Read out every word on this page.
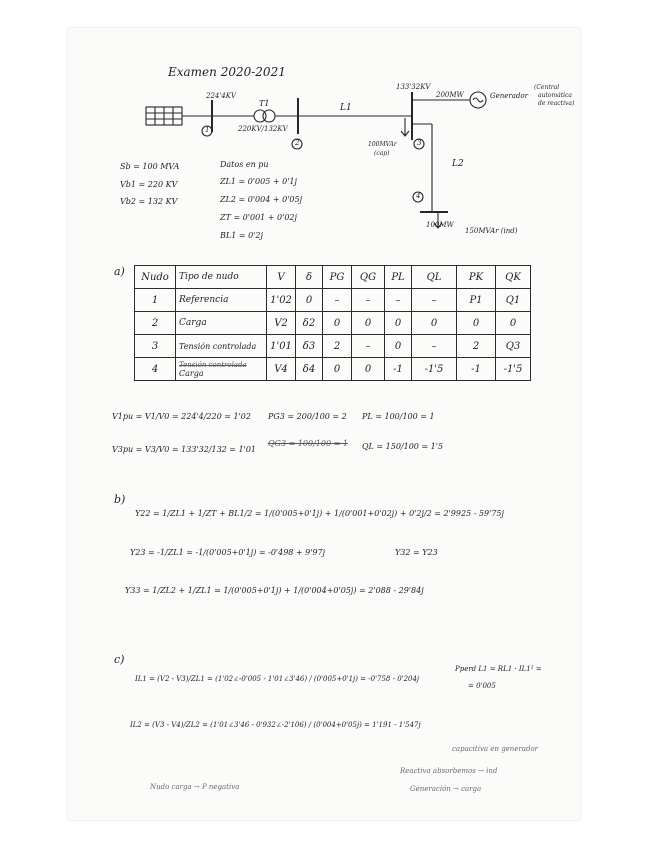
Examen 2020-2021
224'4KV
T1
220KV/132KV
L1
133'32KV
200MW	Generador
(Central
automática
de reactiva)
100MVAr
(cap)
L2
100MW
150MVAr (ind)
1
2	3
4
Sb = 100 MVA
Vb1 = 220 KV
Vb2 = 132 KV
Datos en pu
ZL1 = 0'005 + 0'1j
ZL2 = 0'004 + 0'05j
ZT = 0'001 + 0'02j
BL1 = 0'2j
a) Nudo	Tipo de nudo	V	δ	PG	QG	PL	QL	PK	QK
1	Referencia	1'02	0	–	–	–	–	P1	Q1
2	Carga	V2	δ2	0	0	0	0	0	0
3	Tensión controlada	1'01	δ3	2	–	0	–	2	Q3
4	Tensión controlada Carga	V4	δ4	0	0	-1	-1'5	-1	-1'5
V1pu = V1/V0 = 224'4/220 = 1'02
V3pu = V3/V0 = 133'32/132 = 1'01
PG3 = 200/100 = 2
QG3 = 100/100 = 1
PL = 100/100 = 1
QL = 150/100 = 1'5
b)
Y22 = 1/ZL1 + 1/ZT + BL1/2 = 1/(0'005+0'1j) + 1/(0'001+0'02j) + 0'2j/2 = 2'9925 - 59'75j
Y23 = -1/ZL1 = -1/(0'005+0'1j) = -0'498 + 9'97j	Y32 = Y23
Y33 = 1/ZL2 + 1/ZL1 = 1/(0'005+0'1j) + 1/(0'004+0'05j) = 2'088 - 29'84j
c)
IL1 = (V2 - V3)/ZL1 = (1'02∠-0'005 - 1'01∠3'46) / (0'005+0'1j) = -0'758 - 0'204j
Pperd L1 = RL1 · IL1² =
= 0'005
IL2 = (V3 - V4)/ZL2 = (1'01∠3'46 - 0'932∠-2'106) / (0'004+0'05j) = 1'191 - 1'547j
Nudo carga → P negativa
capacitiva en generador
Reactiva absorbemos → ind
Generación → carga
